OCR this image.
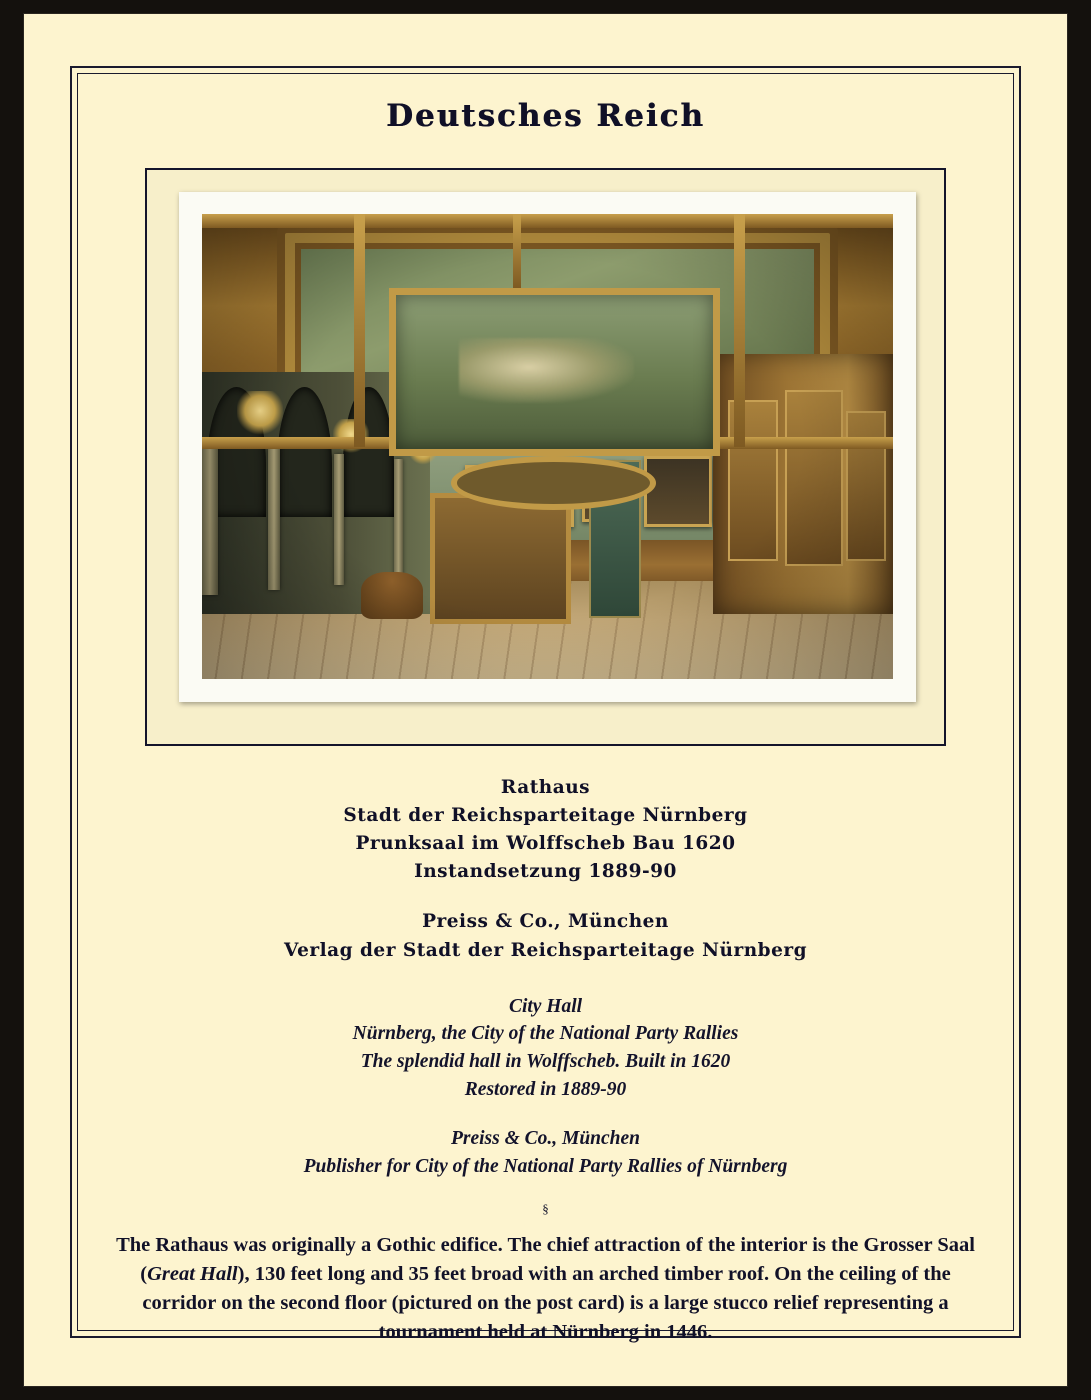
Deutsches Reich
Rathaus
Stadt der Reichsparteitage Nürnberg
Prunksaal im Wolffscheb Bau 1620
Instandsetzung 1889-90
Preiss & Co., München
Verlag der Stadt der Reichsparteitage Nürnberg
City Hall
Nürnberg, the City of the National Party Rallies
The splendid hall in Wolffscheb. Built in 1620
Restored in 1889-90
Preiss & Co., München
Publisher for City of the National Party Rallies of Nürnberg
§
The Rathaus was originally a Gothic edifice. The chief attraction of the interior is the Grosser Saal (Great Hall), 130 feet long and 35 feet broad with an arched timber roof. On the ceiling of the corridor on the second floor (pictured on the post card) is a large stucco relief representing a tournament held at Nürnberg in 1446.
